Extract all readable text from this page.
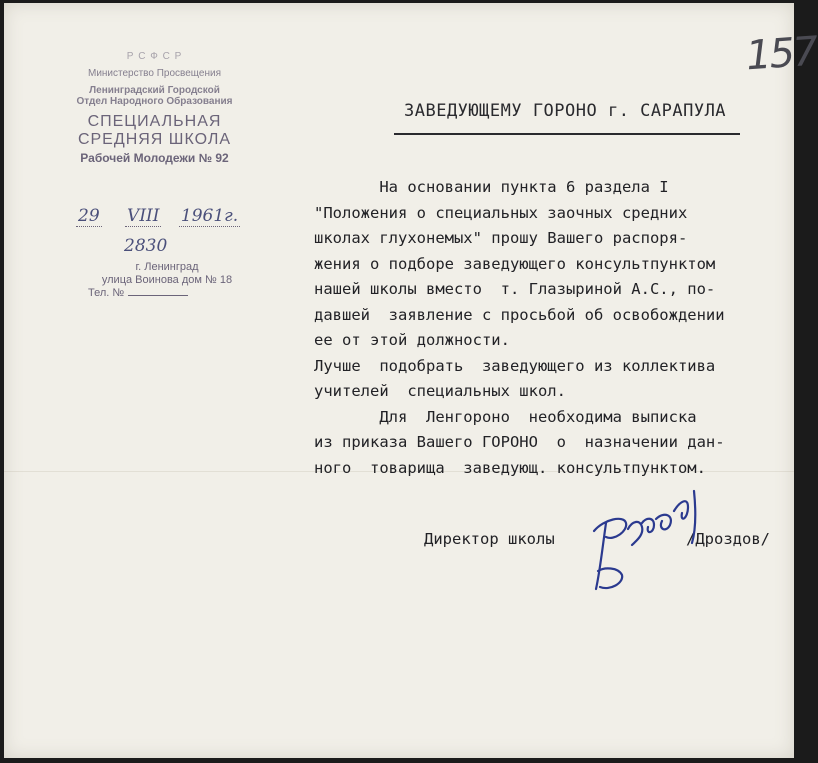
157
Р С Ф С Р
Министерство Просвещения
Ленинградский Городской
Отдел Народного Образования
СПЕЦИАЛЬНАЯ
СРЕДНЯЯ ШКОЛА
Рабочей Молодежи № 92
29 VIII 1961г.
2830
г. Ленинград
улица Воинова дом № 18
Тел. №
ЗАВЕДУЮЩЕМУ ГОРОНО г. САРАПУЛА
На основании пункта 6 раздела I
"Положения о специальных заочных средних
школах глухонемых" прошу Вашего распоря-
жения о подборе заведующего консультпунктом
нашей школы вместо  т. Глазыриной А.С., по-
давшей  заявление с просьбой об освобождении
ее от этой должности.
Лучше  подобрать  заведующего из коллектива
учителей  специальных школ.
Для  Ленгороно  необходима выписка
из приказа Вашего ГОРОНО  о  назначении дан-
ного  товарища  заведующ. консультпунктом.
Директор школы	/Дроздов/
